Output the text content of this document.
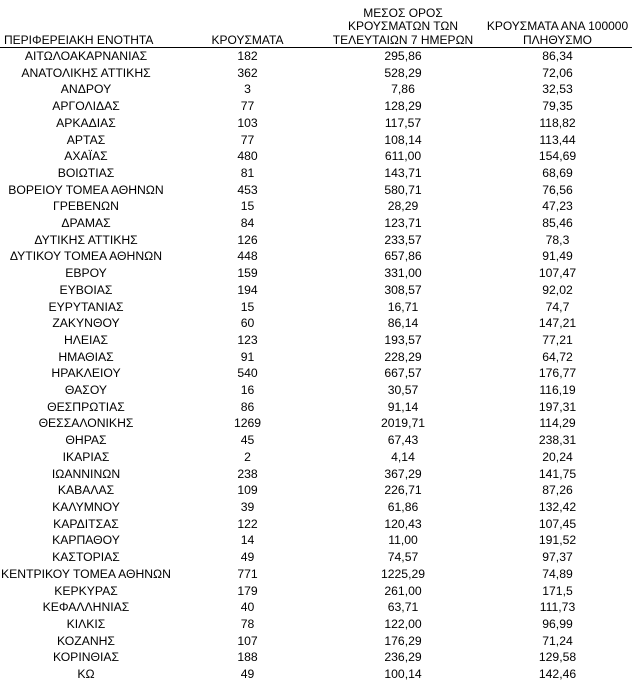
ΠΕΡΙΦΕΡΕΙΑΚΗ ΕΝΟΤΗΤΑ	ΚΡΟΥΣΜΑΤΑ	ΜΕΣΟΣ ΟΡΟΣ
ΚΡΟΥΣΜΑΤΩΝ ΤΩΝ
ΤΕΛΕΥΤΑΙΩΝ 7 ΗΜΕΡΩΝ	ΚΡΟΥΣΜΑΤΑ ΑΝΑ 100000
ΠΛΗΘΥΣΜΟ

ΑΙΤΩΛΟΑΚΑΡΝΑΝΙΑΣ	182	295,86	86,34
ΑΝΑΤΟΛΙΚΗΣ ΑΤΤΙΚΗΣ	362	528,29	72,06
ΑΝΔΡΟΥ	3	7,86	32,53
ΑΡΓΟΛΙΔΑΣ	77	128,29	79,35
ΑΡΚΑΔΙΑΣ	103	117,57	118,82
ΑΡΤΑΣ	77	108,14	113,44
ΑΧΑΪΑΣ	480	611,00	154,69
ΒΟΙΩΤΙΑΣ	81	143,71	68,69
ΒΟΡΕΙΟΥ ΤΟΜΕΑ ΑΘΗΝΩΝ	453	580,71	76,56
ΓΡΕΒΕΝΩΝ	15	28,29	47,23
ΔΡΑΜΑΣ	84	123,71	85,46
ΔΥΤΙΚΗΣ ΑΤΤΙΚΗΣ	126	233,57	78,3
ΔΥΤΙΚΟΥ ΤΟΜΕΑ ΑΘΗΝΩΝ	448	657,86	91,49
ΕΒΡΟΥ	159	331,00	107,47
ΕΥΒΟΙΑΣ	194	308,57	92,02
ΕΥΡΥΤΑΝΙΑΣ	15	16,71	74,7
ΖΑΚΥΝΘΟΥ	60	86,14	147,21
ΗΛΕΙΑΣ	123	193,57	77,21
ΗΜΑΘΙΑΣ	91	228,29	64,72
ΗΡΑΚΛΕΙΟΥ	540	667,57	176,77
ΘΑΣΟΥ	16	30,57	116,19
ΘΕΣΠΡΩΤΙΑΣ	86	91,14	197,31
ΘΕΣΣΑΛΟΝΙΚΗΣ	1269	2019,71	114,29
ΘΗΡΑΣ	45	67,43	238,31
ΙΚΑΡΙΑΣ	2	4,14	20,24
ΙΩΑΝΝΙΝΩΝ	238	367,29	141,75
ΚΑΒΑΛΑΣ	109	226,71	87,26
ΚΑΛΥΜΝΟΥ	39	61,86	132,42
ΚΑΡΔΙΤΣΑΣ	122	120,43	107,45
ΚΑΡΠΑΘΟΥ	14	11,00	191,52
ΚΑΣΤΟΡΙΑΣ	49	74,57	97,37
ΚΕΝΤΡΙΚΟΥ ΤΟΜΕΑ ΑΘΗΝΩΝ	771	1225,29	74,89
ΚΕΡΚΥΡΑΣ	179	261,00	171,5
ΚΕΦΑΛΛΗΝΙΑΣ	40	63,71	111,73
ΚΙΛΚΙΣ	78	122,00	96,99
ΚΟΖΑΝΗΣ	107	176,29	71,24
ΚΟΡΙΝΘΙΑΣ	188	236,29	129,58
ΚΩ	49	100,14	142,46
